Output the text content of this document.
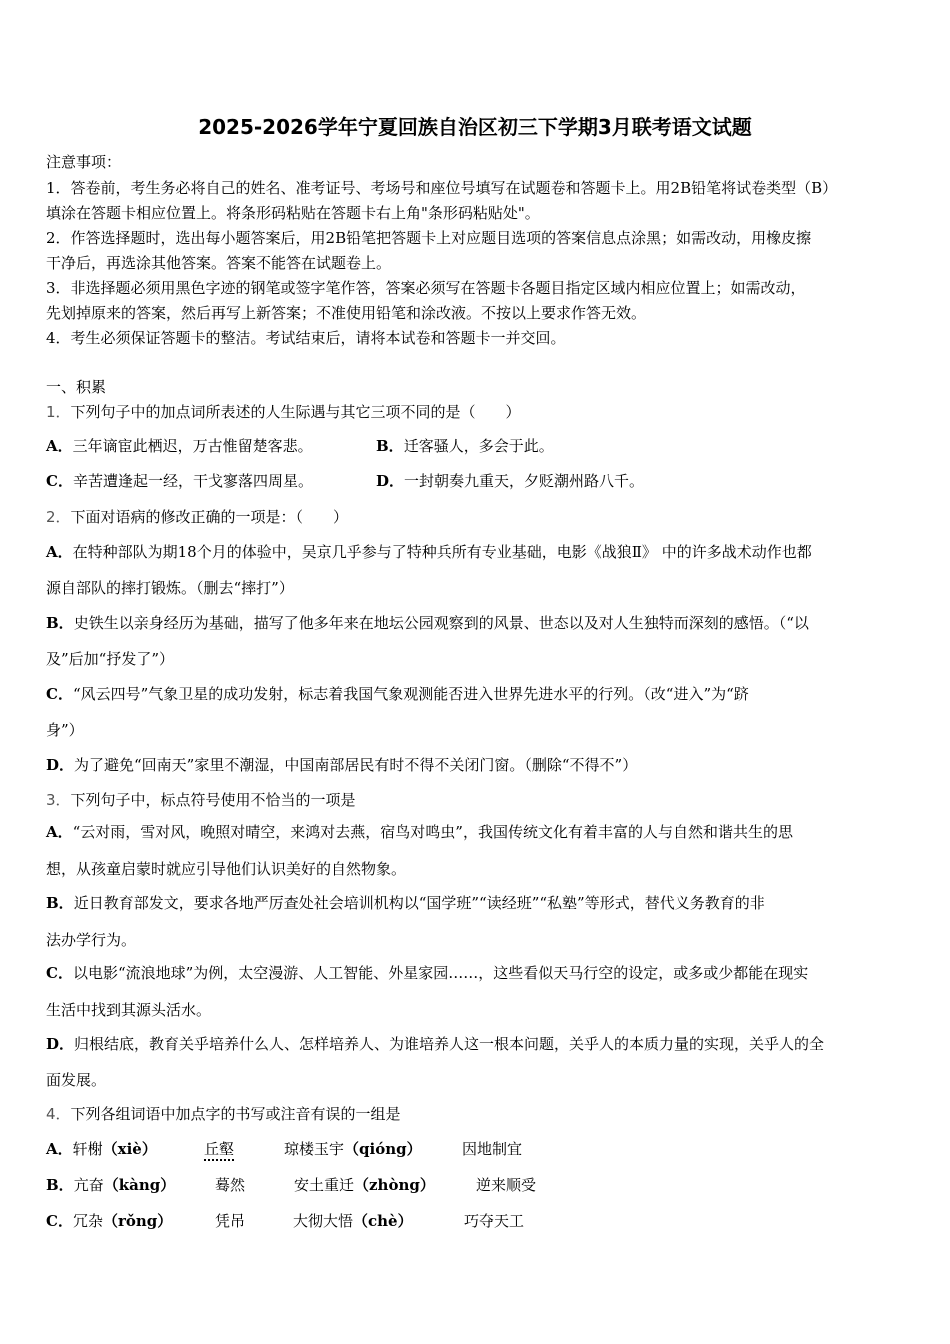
2025-2026学年宁夏回族自治区初三下学期3月联考语文试题
注意事项：
1．答卷前，考生务必将自己的姓名、准考证号、考场号和座位号填写在试题卷和答题卡上。用2B铅笔将试卷类型（B）
填涂在答题卡相应位置上。将条形码粘贴在答题卡右上角"条形码粘贴处"。
2．作答选择题时，选出每小题答案后，用2B铅笔把答题卡上对应题目选项的答案信息点涂黑；如需改动，用橡皮擦
干净后，再选涂其他答案。答案不能答在试题卷上。
3．非选择题必须用黑色字迹的钢笔或签字笔作答，答案必须写在答题卡各题目指定区域内相应位置上；如需改动，
先划掉原来的答案，然后再写上新答案；不准使用铅笔和涂改液。不按以上要求作答无效。
4．考生必须保证答题卡的整洁。考试结束后，请将本试卷和答题卡一并交回。
一、积累
1．下列句子中的加点词所表述的人生际遇与其它三项不同的是（　　）
A．三年谪宦此栖迟，万古惟留楚客悲。	B．迁客骚人，多会于此。
C．辛苦遭逢起一经，干戈寥落四周星。	D．一封朝奏九重天，夕贬潮州路八千。
2．下面对语病的修改正确的一项是：（　　）
A．在特种部队为期18个月的体验中，吴京几乎参与了特种兵所有专业基础，电影《战狼Ⅱ》 中的许多战术动作也都
源自部队的摔打锻炼。（删去“摔打”）
B．史铁生以亲身经历为基础，描写了他多年来在地坛公园观察到的风景、世态以及对人生独特而深刻的感悟。（“以
及”后加“抒发了”）
C．“风云四号”气象卫星的成功发射，标志着我国气象观测能否进入世界先进水平的行列。（改“进入”为“跻
身”）
D．为了避免“回南天”家里不潮湿，中国南部居民有时不得不关闭门窗。（删除“不得不”）
3．下列句子中，标点符号使用不恰当的一项是
A．“云对雨，雪对风，晚照对晴空，来鸿对去燕，宿鸟对鸣虫”，我国传统文化有着丰富的人与自然和谐共生的思
想，从孩童启蒙时就应引导他们认识美好的自然物象。
B．近日教育部发文，要求各地严厉查处社会培训机构以“国学班”“读经班”“私塾”等形式，替代义务教育的非
法办学行为。
C．以电影“流浪地球”为例，太空漫游、人工智能、外星家园……，这些看似天马行空的设定，或多或少都能在现实
生活中找到其源头活水。
D．归根结底，教育关乎培养什么人、怎样培养人、为谁培养人这一根本问题，关乎人的本质力量的实现，关乎人的全
面发展。
4．下列各组词语中加点字的书写或注音有误的一组是
A．轩榭（xiè）	丘壑	琼楼玉宇（qióng）	因地制宜
B．亢奋（kàng）	蓦然	安土重迁（zhòng）	逆来顺受
C．冗杂（rǒng）	凭吊	大彻大悟（chè）	巧夺天工
